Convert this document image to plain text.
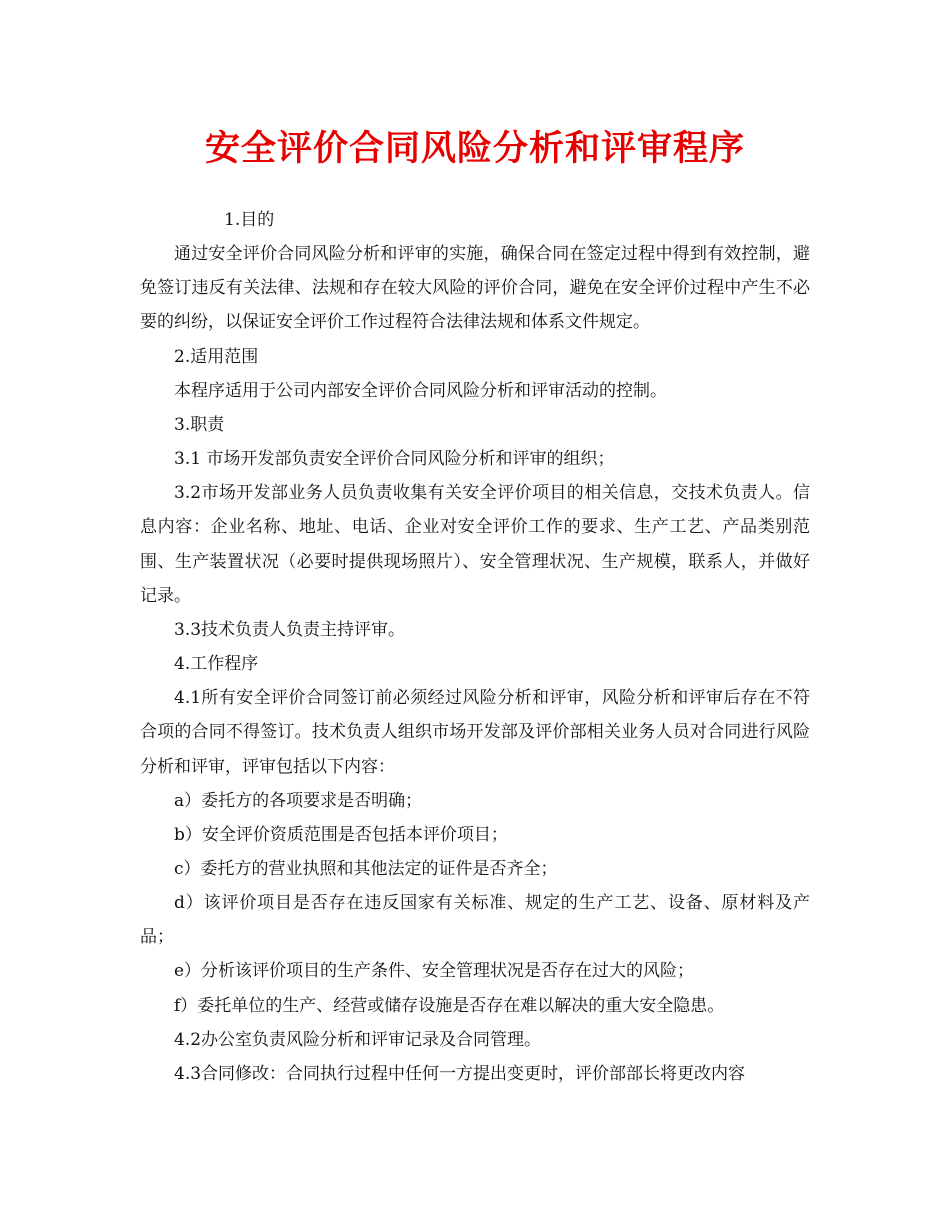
安全评价合同风险分析和评审程序

1.目的

通过安全评价合同风险分析和评审的实施，确保合同在签定过程中得到有效控制，避免签订违反有关法律、法规和存在较大风险的评价合同，避免在安全评价过程中产生不必要的纠纷，以保证安全评价工作过程符合法律法规和体系文件规定。

2.适用范围

本程序适用于公司内部安全评价合同风险分析和评审活动的控制。

3.职责

3.1 市场开发部负责安全评价合同风险分析和评审的组织；

3.2市场开发部业务人员负责收集有关安全评价项目的相关信息，交技术负责人。信息内容：企业名称、地址、电话、企业对安全评价工作的要求、生产工艺、产品类别范围、生产装置状况（必要时提供现场照片）、安全管理状况、生产规模，联系人，并做好记录。

3.3技术负责人负责主持评审。

4.工作程序

4.1所有安全评价合同签订前必须经过风险分析和评审，风险分析和评审后存在不符合项的合同不得签订。技术负责人组织市场开发部及评价部相关业务人员对合同进行风险分析和评审，评审包括以下内容：

a）委托方的各项要求是否明确；

b）安全评价资质范围是否包括本评价项目；

c）委托方的营业执照和其他法定的证件是否齐全；

d）该评价项目是否存在违反国家有关标准、规定的生产工艺、设备、原材料及产品；

e）分析该评价项目的生产条件、安全管理状况是否存在过大的风险；

f）委托单位的生产、经营或储存设施是否存在难以解决的重大安全隐患。

4.2办公室负责风险分析和评审记录及合同管理。

4.3合同修改：合同执行过程中任何一方提出变更时，评价部部长将更改内容
